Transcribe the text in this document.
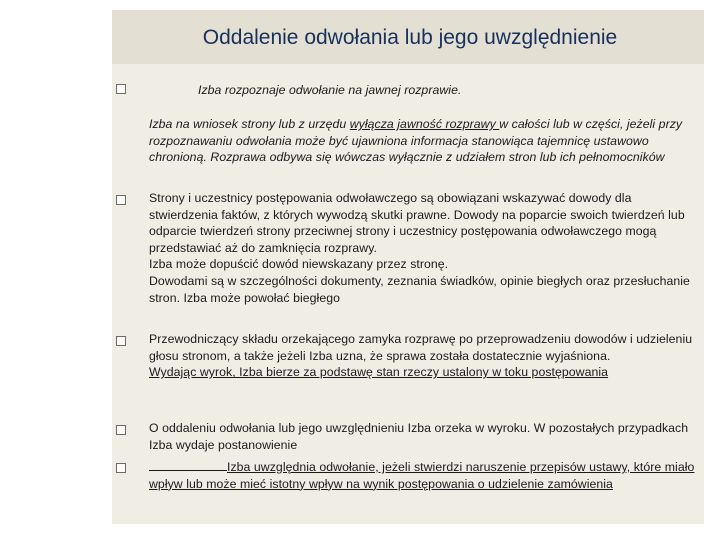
Oddalenie odwołania lub jego uwzględnienie

Izba rozpoznaje odwołanie na jawnej rozprawie.

Izba na wniosek strony lub z urzędu wyłącza jawność rozprawy w całości lub w części, jeżeli przy rozpoznawaniu odwołania może być ujawniona informacja stanowiąca tajemnicę ustawowo chronioną. Rozprawa odbywa się wówczas wyłącznie z udziałem stron lub ich pełnomocników

Strony i uczestnicy postępowania odwoławczego są obowiązani wskazywać dowody dla stwierdzenia faktów, z których wywodzą skutki prawne. Dowody na poparcie swoich twierdzeń lub odparcie twierdzeń strony przeciwnej strony i uczestnicy postępowania odwoławczego mogą przedstawiać aż do zamknięcia rozprawy.
Izba może dopuścić dowód niewskazany przez stronę.
Dowodami są w szczególności dokumenty, zeznania świadków, opinie biegłych oraz przesłuchanie stron. Izba może powołać biegłego
Przewodniczący składu orzekającego zamyka rozprawę po przeprowadzeniu dowodów i udzieleniu głosu stronom, a także jeżeli Izba uzna, że sprawa została dostatecznie wyjaśniona.
Wydając wyrok, Izba bierze za podstawę stan rzeczy ustalony w toku postępowania

O oddaleniu odwołania lub jego uwzględnieniu Izba orzeka w wyroku. W pozostałych przypadkach Izba wydaje postanowienie

Izba uwzględnia odwołanie, jeżeli stwierdzi naruszenie przepisów ustawy, które miało wpływ lub może mieć istotny wpływ na wynik postępowania o udzielenie zamówienia
